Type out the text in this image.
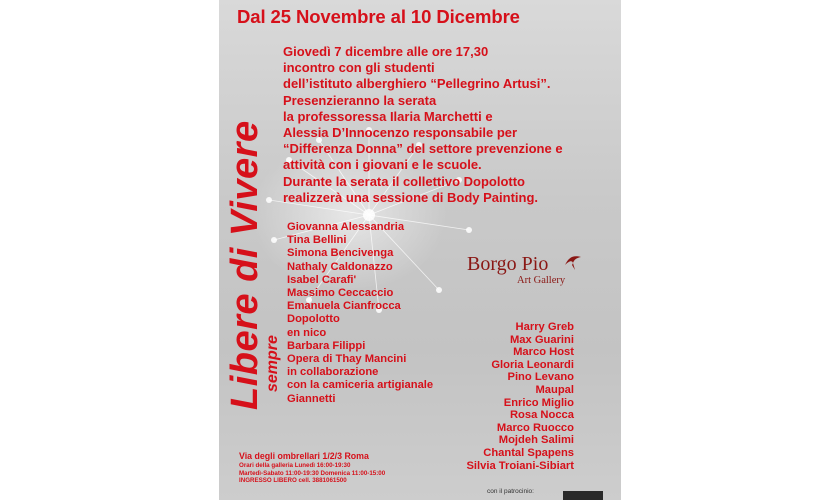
Dal 25 Novembre al 10 Dicembre
Giovedì 7 dicembre alle ore 17,30
incontro con gli studenti
dell’istituto alberghiero “Pellegrino Artusi”.
Presenzieranno la serata
la professoressa Ilaria Marchetti e
Alessia D’Innocenzo responsabile per
“Differenza Donna” del settore prevenzione e
attività con i giovani e le scuole.
Durante la serata il collettivo Dopolotto
realizzerà una sessione di Body Painting.
Libere di Vivere
sempre
Giovanna Alessandria
Tina Bellini
Simona Bencivenga
Nathaly Caldonazzo
Isabel Carafi'
Massimo Ceccaccio
Emanuela Cianfrocca
Dopolotto
en nico
Barbara Filippi
Opera di Thay Mancini
in collaborazione
con la camiceria artigianale
Giannetti
Borgo Pio
Art Gallery
Harry Greb
Max Guarini
Marco Host
Gloria Leonardi
Pino Levano
Maupal
Enrico Miglio
Rosa Nocca
Marco Ruocco
Mojdeh Salimi
Chantal Spapens
Silvia Troiani-Sibiart
Via degli ombrellari 1/2/3 Roma
Orari della galleria Lunedì 16:00-19:30
Martedì-Sabato 11:00-19:30 Domenica 11:00-15:00
INGRESSO LIBERO cell. 3881061500
con il patrocinio:
